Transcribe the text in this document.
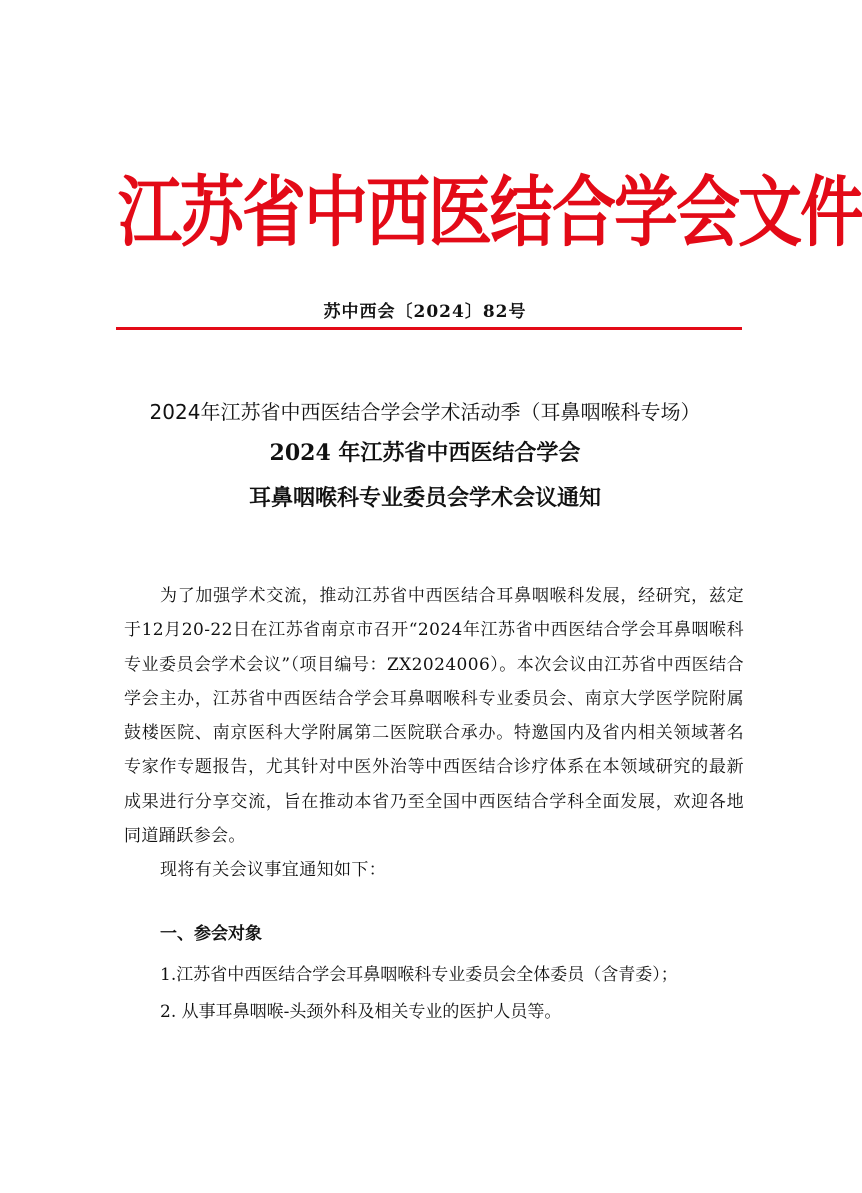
江苏省中西医结合学会文件
苏中西会〔2024〕82号
2024年江苏省中西医结合学会学术活动季（耳鼻咽喉科专场）
2024 年江苏省中西医结合学会
耳鼻咽喉科专业委员会学术会议通知

为了加强学术交流，推动江苏省中西医结合耳鼻咽喉科发展，经研究，兹定于12月20-22日在江苏省南京市召开“2024年江苏省中西医结合学会耳鼻咽喉科专业委员会学术会议”（项目编号：ZX2024006）。本次会议由江苏省中西医结合学会主办，江苏省中西医结合学会耳鼻咽喉科专业委员会、南京大学医学院附属鼓楼医院、南京医科大学附属第二医院联合承办。特邀国内及省内相关领域著名专家作专题报告，尤其针对中医外治等中西医结合诊疗体系在本领域研究的最新成果进行分享交流，旨在推动本省乃至全国中西医结合学科全面发展，欢迎各地同道踊跃参会。

现将有关会议事宜通知如下：

一、参会对象
1.江苏省中西医结合学会耳鼻咽喉科专业委员会全体委员（含青委）；
2. 从事耳鼻咽喉-头颈外科及相关专业的医护人员等。
